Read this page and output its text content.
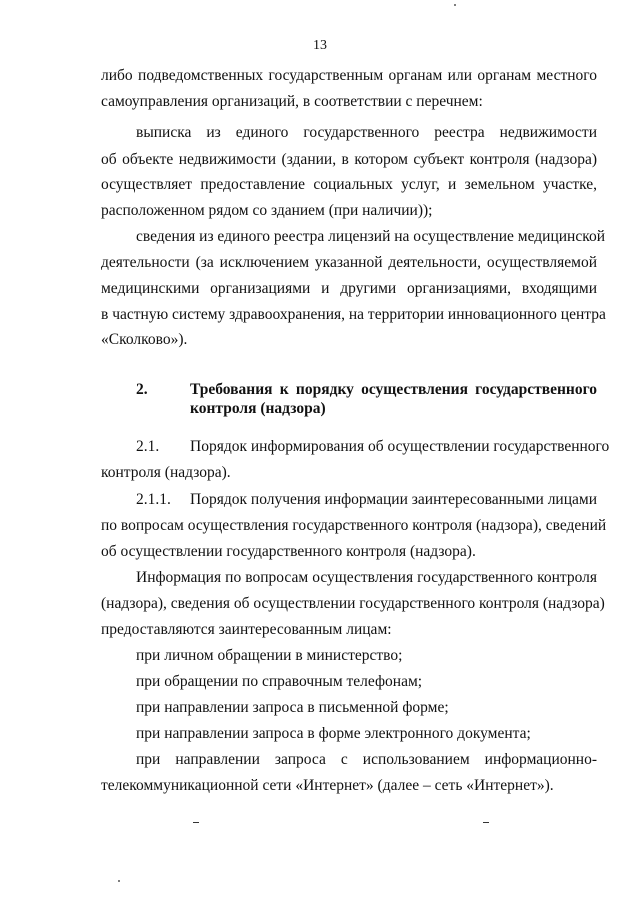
13
либо подведомственных государственным органам или органам местного
самоуправления организаций, в соответствии с перечнем:
выписка из единого государственного реестра недвижимости
об объекте недвижимости (здании, в котором субъект контроля (надзора)
осуществляет предоставление социальных услуг, и земельном участке,
расположенном рядом со зданием (при наличии));
сведения из единого реестра лицензий на осуществление медицинской
деятельности (за исключением указанной деятельности, осуществляемой
медицинскими организациями и другими организациями, входящими
в частную систему здравоохранения, на территории инновационного центра
«Сколково»).
2.	Требования к порядку осуществления государственного
контроля (надзора)
2.1.	Порядок информирования об осуществлении государственного
контроля (надзора).
2.1.1.	Порядок получения информации заинтересованными лицами
по вопросам осуществления государственного контроля (надзора), сведений
об осуществлении государственного контроля (надзора).
Информация по вопросам осуществления государственного контроля
(надзора), сведения об осуществлении государственного контроля (надзора)
предоставляются заинтересованным лицам:
при личном обращении в министерство;
при обращении по справочным телефонам;
при направлении запроса в письменной форме;
при направлении запроса в форме электронного документа;
при направлении запроса с использованием информационно-
телекоммуникационной сети «Интернет» (далее – сеть «Интернет»).
